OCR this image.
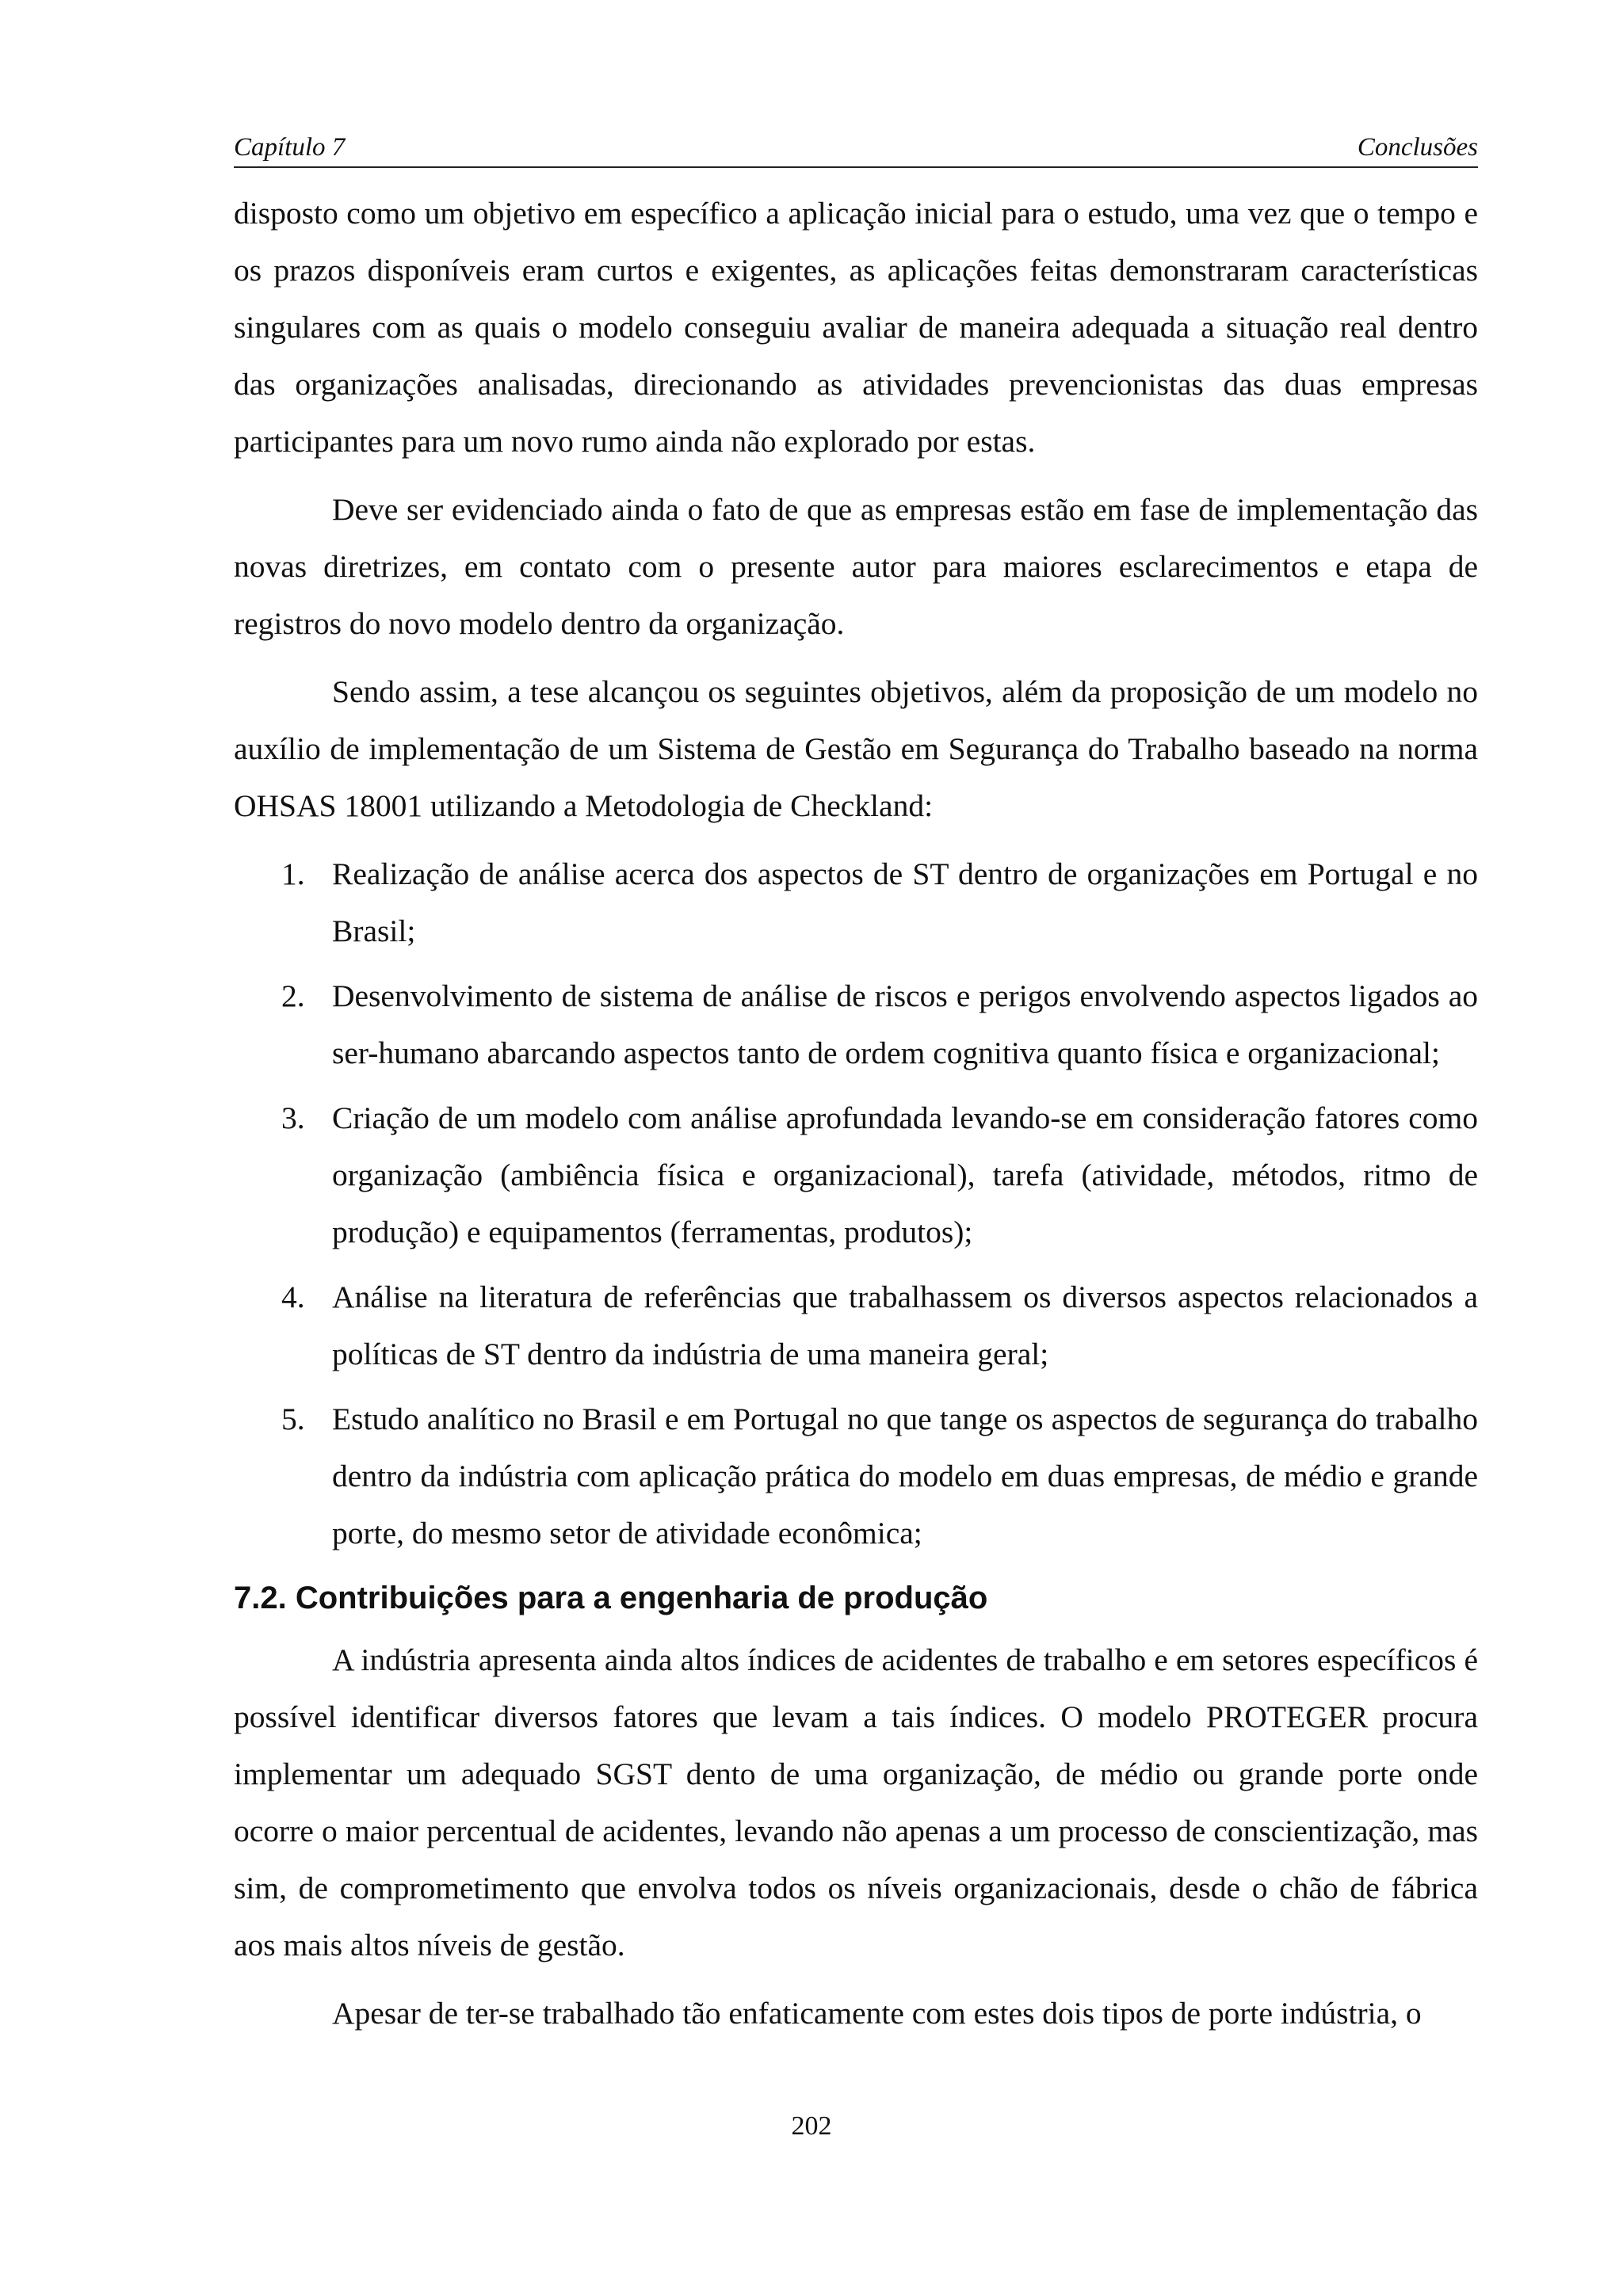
Capítulo 7	Conclusões

disposto como um objetivo em específico a aplicação inicial para o estudo, uma vez que o tempo e os prazos disponíveis eram curtos e exigentes, as aplicações feitas demonstraram características singulares com as quais o modelo conseguiu avaliar de maneira adequada a situação real dentro das organizações analisadas, direcionando as atividades prevencionistas das duas empresas participantes para um novo rumo ainda não explorado por estas.

Deve ser evidenciado ainda o fato de que as empresas estão em fase de implementação das novas diretrizes, em contato com o presente autor para maiores esclarecimentos e etapa de registros do novo modelo dentro da organização.

Sendo assim, a tese alcançou os seguintes objetivos, além da proposição de um modelo no auxílio de implementação de um Sistema de Gestão em Segurança do Trabalho baseado na norma OHSAS 18001 utilizando a Metodologia de Checkland:

1. Realização de análise acerca dos aspectos de ST dentro de organizações em Portugal e no Brasil;
2. Desenvolvimento de sistema de análise de riscos e perigos envolvendo aspectos ligados ao ser-humano abarcando aspectos tanto de ordem cognitiva quanto física e organizacional;
3. Criação de um modelo com análise aprofundada levando-se em consideração fatores como organização (ambiência física e organizacional), tarefa (atividade, métodos, ritmo de produção) e equipamentos (ferramentas, produtos);
4. Análise na literatura de referências que trabalhassem os diversos aspectos relacionados a políticas de ST dentro da indústria de uma maneira geral;
5. Estudo analítico no Brasil e em Portugal no que tange os aspectos de segurança do trabalho dentro da indústria com aplicação prática do modelo em duas empresas, de médio e grande porte, do mesmo setor de atividade econômica;
7.2. Contribuições para a engenharia de produção

A indústria apresenta ainda altos índices de acidentes de trabalho e em setores específicos é possível identificar diversos fatores que levam a tais índices. O modelo PROTEGER procura implementar um adequado SGST dento de uma organização, de médio ou grande porte onde ocorre o maior percentual de acidentes, levando não apenas a um processo de conscientização, mas sim, de comprometimento que envolva todos os níveis organizacionais, desde o chão de fábrica aos mais altos níveis de gestão.

Apesar de ter-se trabalhado tão enfaticamente com estes dois tipos de porte indústria, o

202
